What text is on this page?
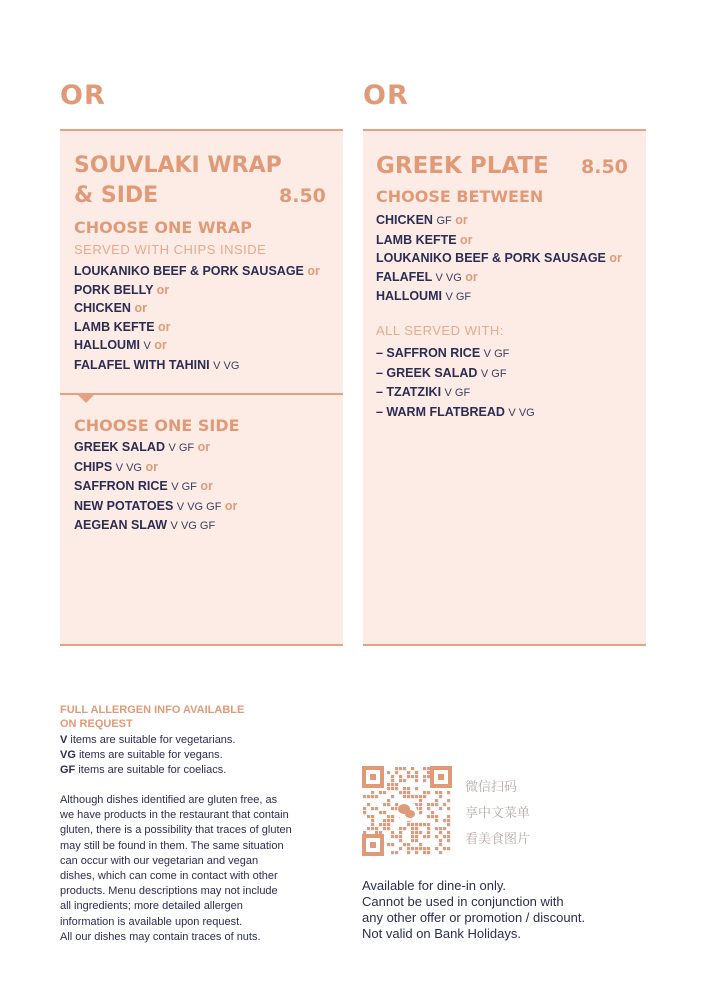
OR	OR
SOUVLAKI WRAP
& SIDE	8.50
CHOOSE ONE WRAP
SERVED WITH CHIPS INSIDE
LOUKANIKO BEEF & PORK SAUSAGE or
PORK BELLY or
CHICKEN or
LAMB KEFTE or
HALLOUMI V or
FALAFEL WITH TAHINI V VG
CHOOSE ONE SIDE
GREEK SALAD V GF or
CHIPS V VG or
SAFFRON RICE V GF or
NEW POTATOES V VG GF or
AEGEAN SLAW V VG GF
GREEK PLATE 8.50
CHOOSE BETWEEN
CHICKEN GF or
LAMB KEFTE or
LOUKANIKO BEEF & PORK SAUSAGE or
FALAFEL V VG or
HALLOUMI V GF
ALL SERVED WITH:
– SAFFRON RICE V GF
– GREEK SALAD V GF
– TZATZIKI V GF
– WARM FLATBREAD V VG
FULL ALLERGEN INFO AVAILABLE
ON REQUEST
V items are suitable for vegetarians.
VG items are suitable for vegans.
GF items are suitable for coeliacs.
Although dishes identified are gluten free, as
we have products in the restaurant that contain
gluten, there is a possibility that traces of gluten
may still be found in them. The same situation
can occur with our vegetarian and vegan
dishes, which can come in contact with other
products. Menu descriptions may not include
all ingredients; more detailed allergen
information is available upon request.
All our dishes may contain traces of nuts.
微信扫码
享中文菜单
看美食图片
Available for dine-in only.
Cannot be used in conjunction with
any other offer or promotion / discount.
Not valid on Bank Holidays.
